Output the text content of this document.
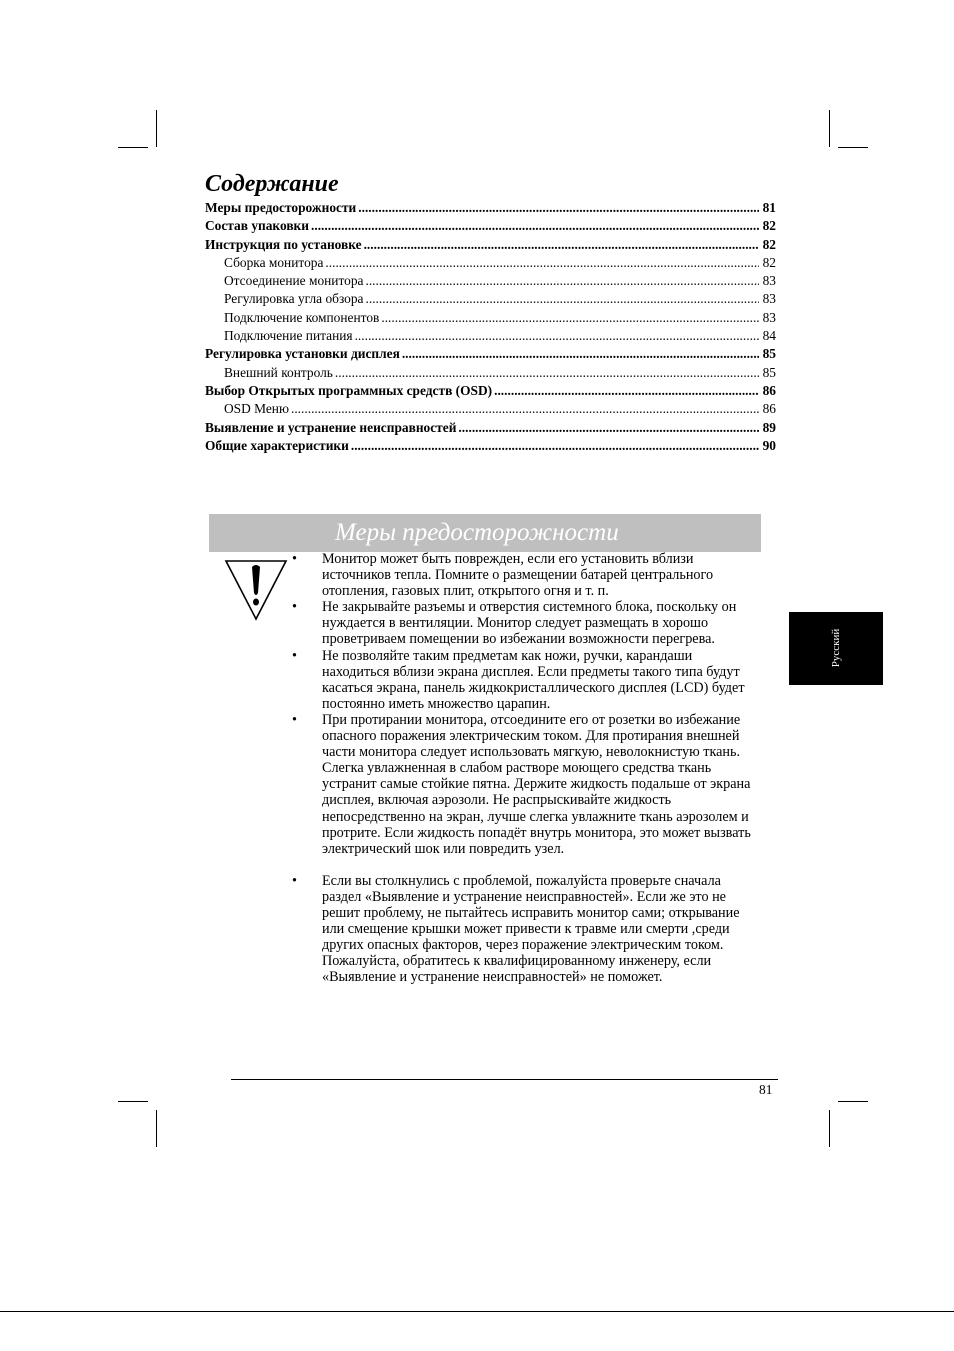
Содержание
Меры предосторожности .....	81
Состав упаковки .....	82
Инструкция по установке .....	82
Сборка монитора .....	82
Отсоединение монитора .....	83
Регулировка угла обзора .....	83
Подключение компонентов .....	83
Подключение питания .....	84
Регулировка установки дисплея .....	85
Внешний контроль .....	85
Выбор Открытых программных средств (OSD) .....	86
OSD Меню .....	86
Выявление и устранение неисправностей .....	89
Общие характеристики .....	90
Меры предосторожности
• Монитор может быть поврежден, если его установить вблизи источников тепла. Помните о размещении батарей центрального отопления, газовых плит, открытого огня и т. п.
• Не закрывайте разъемы и отверстия системного блока, поскольку он нуждается в вентиляции. Монитор следует размещать в хорошо проветриваем помещении во избежании возможности перегрева.
• Не позволяйте таким предметам как ножи, ручки, карандаши находиться вблизи экрана дисплея. Если предметы такого типа будут касаться экрана, панель жидкокристаллического дисплея (LCD) будет постоянно иметь множество царапин.
• При протирании монитора, отсоедините его от розетки во избежание опасного поражения электрическим током. Для протирания внешней части монитора следует использовать мягкую, неволокнистую ткань. Слегка увлажненная в слабом растворе моющего средства ткань устранит самые стойкие пятна. Держите жидкость подальше от экрана дисплея, включая аэрозоли. Не распрыскивайте жидкость непосредственно на экран, лучше слегка увлажните ткань аэрозолем и протрите. Если жидкость попадёт внутрь монитора, это может вызвать электрический шок или повредить узел.
• Если вы столкнулись с проблемой, пожалуйста проверьте сначала раздел «Выявление и устранение неисправностей». Если же это не решит проблему, не пытайтесь исправить монитор сами; открывание или смещение крышки может привести к травме или смерти ,среди других опасных факторов, через поражение электрическим током. Пожалуйста, обратитесь к квалифицированному инженеру, если «Выявление и устранение неисправностей» не поможет.
Русский
81
